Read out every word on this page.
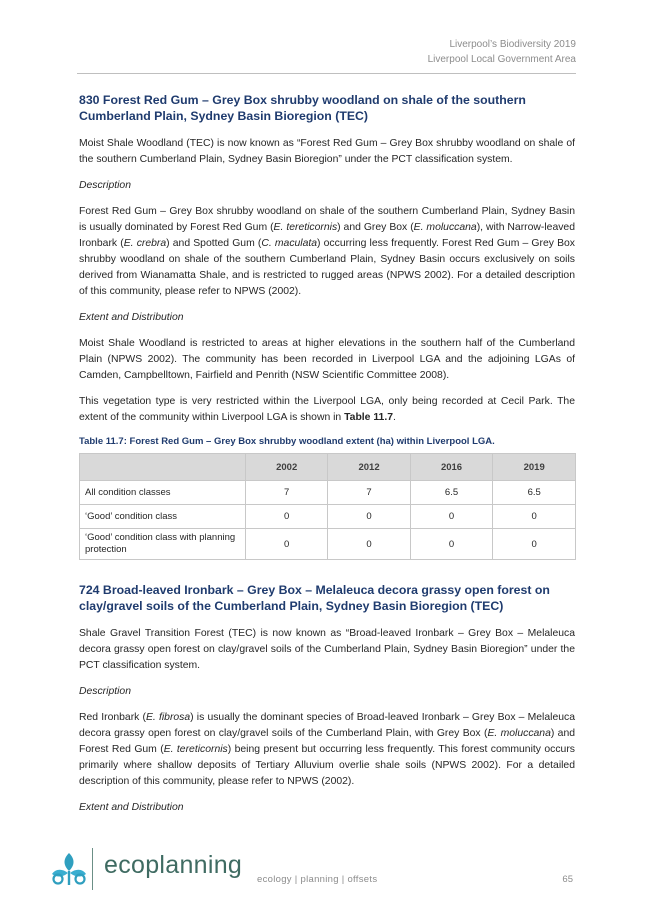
Liverpool’s Biodiversity 2019
Liverpool Local Government Area
830 Forest Red Gum – Grey Box shrubby woodland on shale of the southern Cumberland Plain, Sydney Basin Bioregion (TEC)

Moist Shale Woodland (TEC) is now known as “Forest Red Gum – Grey Box shrubby woodland on shale of the southern Cumberland Plain, Sydney Basin Bioregion” under the PCT classification system.

Description

Forest Red Gum – Grey Box shrubby woodland on shale of the southern Cumberland Plain, Sydney Basin is usually dominated by Forest Red Gum (E. tereticornis) and Grey Box (E. moluccana), with Narrow-leaved Ironbark (E. crebra) and Spotted Gum (C. maculata) occurring less frequently. Forest Red Gum – Grey Box shrubby woodland on shale of the southern Cumberland Plain, Sydney Basin occurs exclusively on soils derived from Wianamatta Shale, and is restricted to rugged areas (NPWS 2002). For a detailed description of this community, please refer to NPWS (2002).

Extent and Distribution

Moist Shale Woodland is restricted to areas at higher elevations in the southern half of the Cumberland Plain (NPWS 2002). The community has been recorded in Liverpool LGA and the adjoining LGAs of Camden, Campbelltown, Fairfield and Penrith (NSW Scientific Committee 2008).

This vegetation type is very restricted within the Liverpool LGA, only being recorded at Cecil Park. The extent of the community within Liverpool LGA is shown in Table 11.7.

Table 11.7: Forest Red Gum – Grey Box shrubby woodland extent (ha) within Liverpool LGA.
	2002	2012	2016	2019
All condition classes	7	7	6.5	6.5
‘Good’ condition class	0	0	0	0
‘Good’ condition class with planning protection	0	0	0	0
724 Broad-leaved Ironbark – Grey Box – Melaleuca decora grassy open forest on clay/gravel soils of the Cumberland Plain, Sydney Basin Bioregion (TEC)

Shale Gravel Transition Forest (TEC) is now known as “Broad-leaved Ironbark – Grey Box – Melaleuca decora grassy open forest on clay/gravel soils of the Cumberland Plain, Sydney Basin Bioregion” under the PCT classification system.

Description

Red Ironbark (E. fibrosa) is usually the dominant species of Broad-leaved Ironbark – Grey Box – Melaleuca decora grassy open forest on clay/gravel soils of the Cumberland Plain, with Grey Box (E. moluccana) and Forest Red Gum (E. tereticornis) being present but occurring less frequently. This forest community occurs primarily where shallow deposits of Tertiary Alluvium overlie shale soils (NPWS 2002). For a detailed description of this community, please refer to NPWS (2002).

Extent and Distribution

ecoplanning
ecology | planning | offsets	65
